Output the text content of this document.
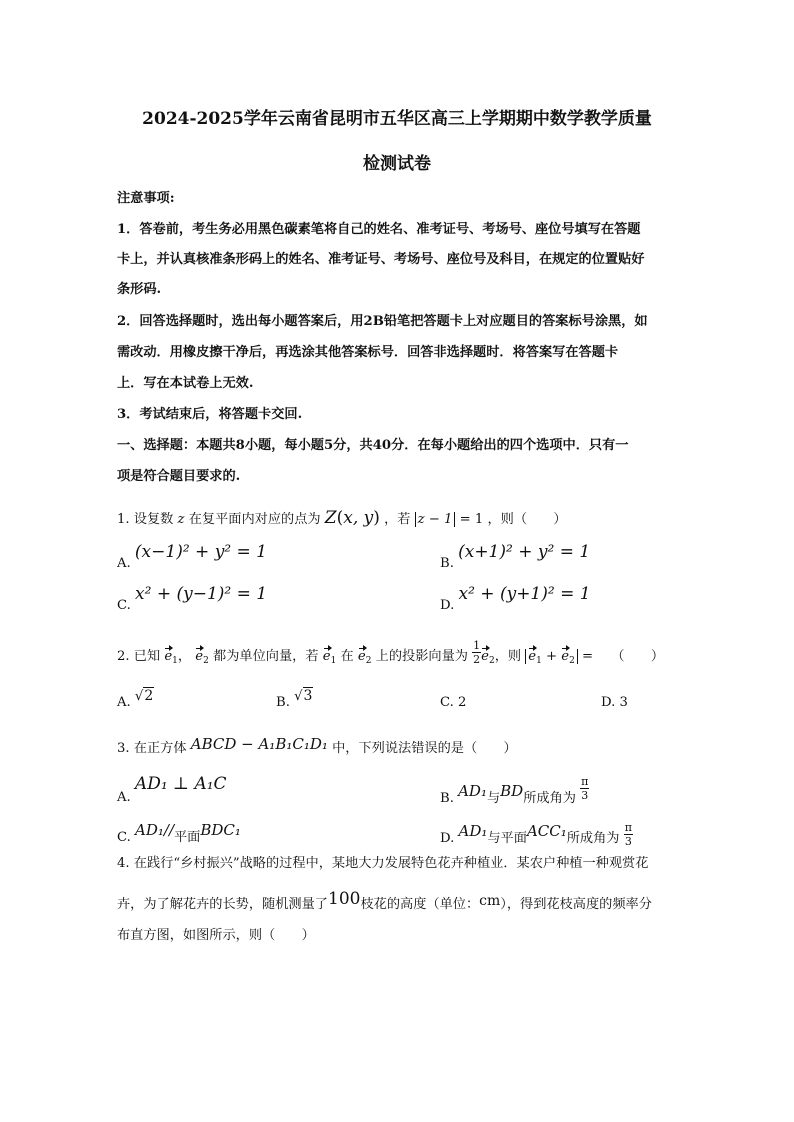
2024-2025学年云南省昆明市五华区高三上学期期中数学教学质量
检测试卷
注意事项:
1．答卷前，考生务必用黑色碳素笔将自己的姓名、准考证号、考场号、座位号填写在答题
卡上，并认真核准条形码上的姓名、准考证号、考场号、座位号及科目，在规定的位置贴好
条形码.
2．回答选择题时，选出每小题答案后，用2B铅笔把答题卡上对应题目的答案标号涂黑，如
需改动．用橡皮擦干净后，再选涂其他答案标号．回答非选择题时．将答案写在答题卡
上．写在本试卷上无效.
3．考试结束后，将答题卡交回.
一、选择题：本题共8小题，每小题5分，共40分．在每小题给出的四个选项中．只有一
项是符合题目要求的.
1. 设复数 z 在复平面内对应的点为 Z(x, y) ，若 z − 1 = 1 ，则（　　）
A. (x−1)² + y² = 1
B. (x+1)² + y² = 1
C. x² + (y−1)² = 1
D. x² + (y+1)² = 1
2. 已知 $e_1$， $e_2$ 都为单位向量，若 $e_1$ 在 $e_2$ 上的投影向量为 $\frac{1}{2} e_2$，则 $e_1 + e_2$ = （　　）
A. √2	B. √3	C. 2	D. 3
3. 在正方体 ABCD − A₁B₁C₁D₁ 中，下列说法错误的是（　　）
A. AD₁ ⊥ A₁C
B. AD₁与BD所成角为 $\frac{\pi}{3}$
C. AD₁//平面BDC₁	D. AD₁与平面ACC₁所成角为 $\frac{\pi}{3}$
4. 在践行“乡村振兴”战略的过程中，某地大力发展特色花卉种植业．某农户种植一种观赏花
卉，为了解花卉的长势，随机测量了100枝花的高度（单位：cm），得到花枝高度的频率分
布直方图，如图所示，则（　　）
